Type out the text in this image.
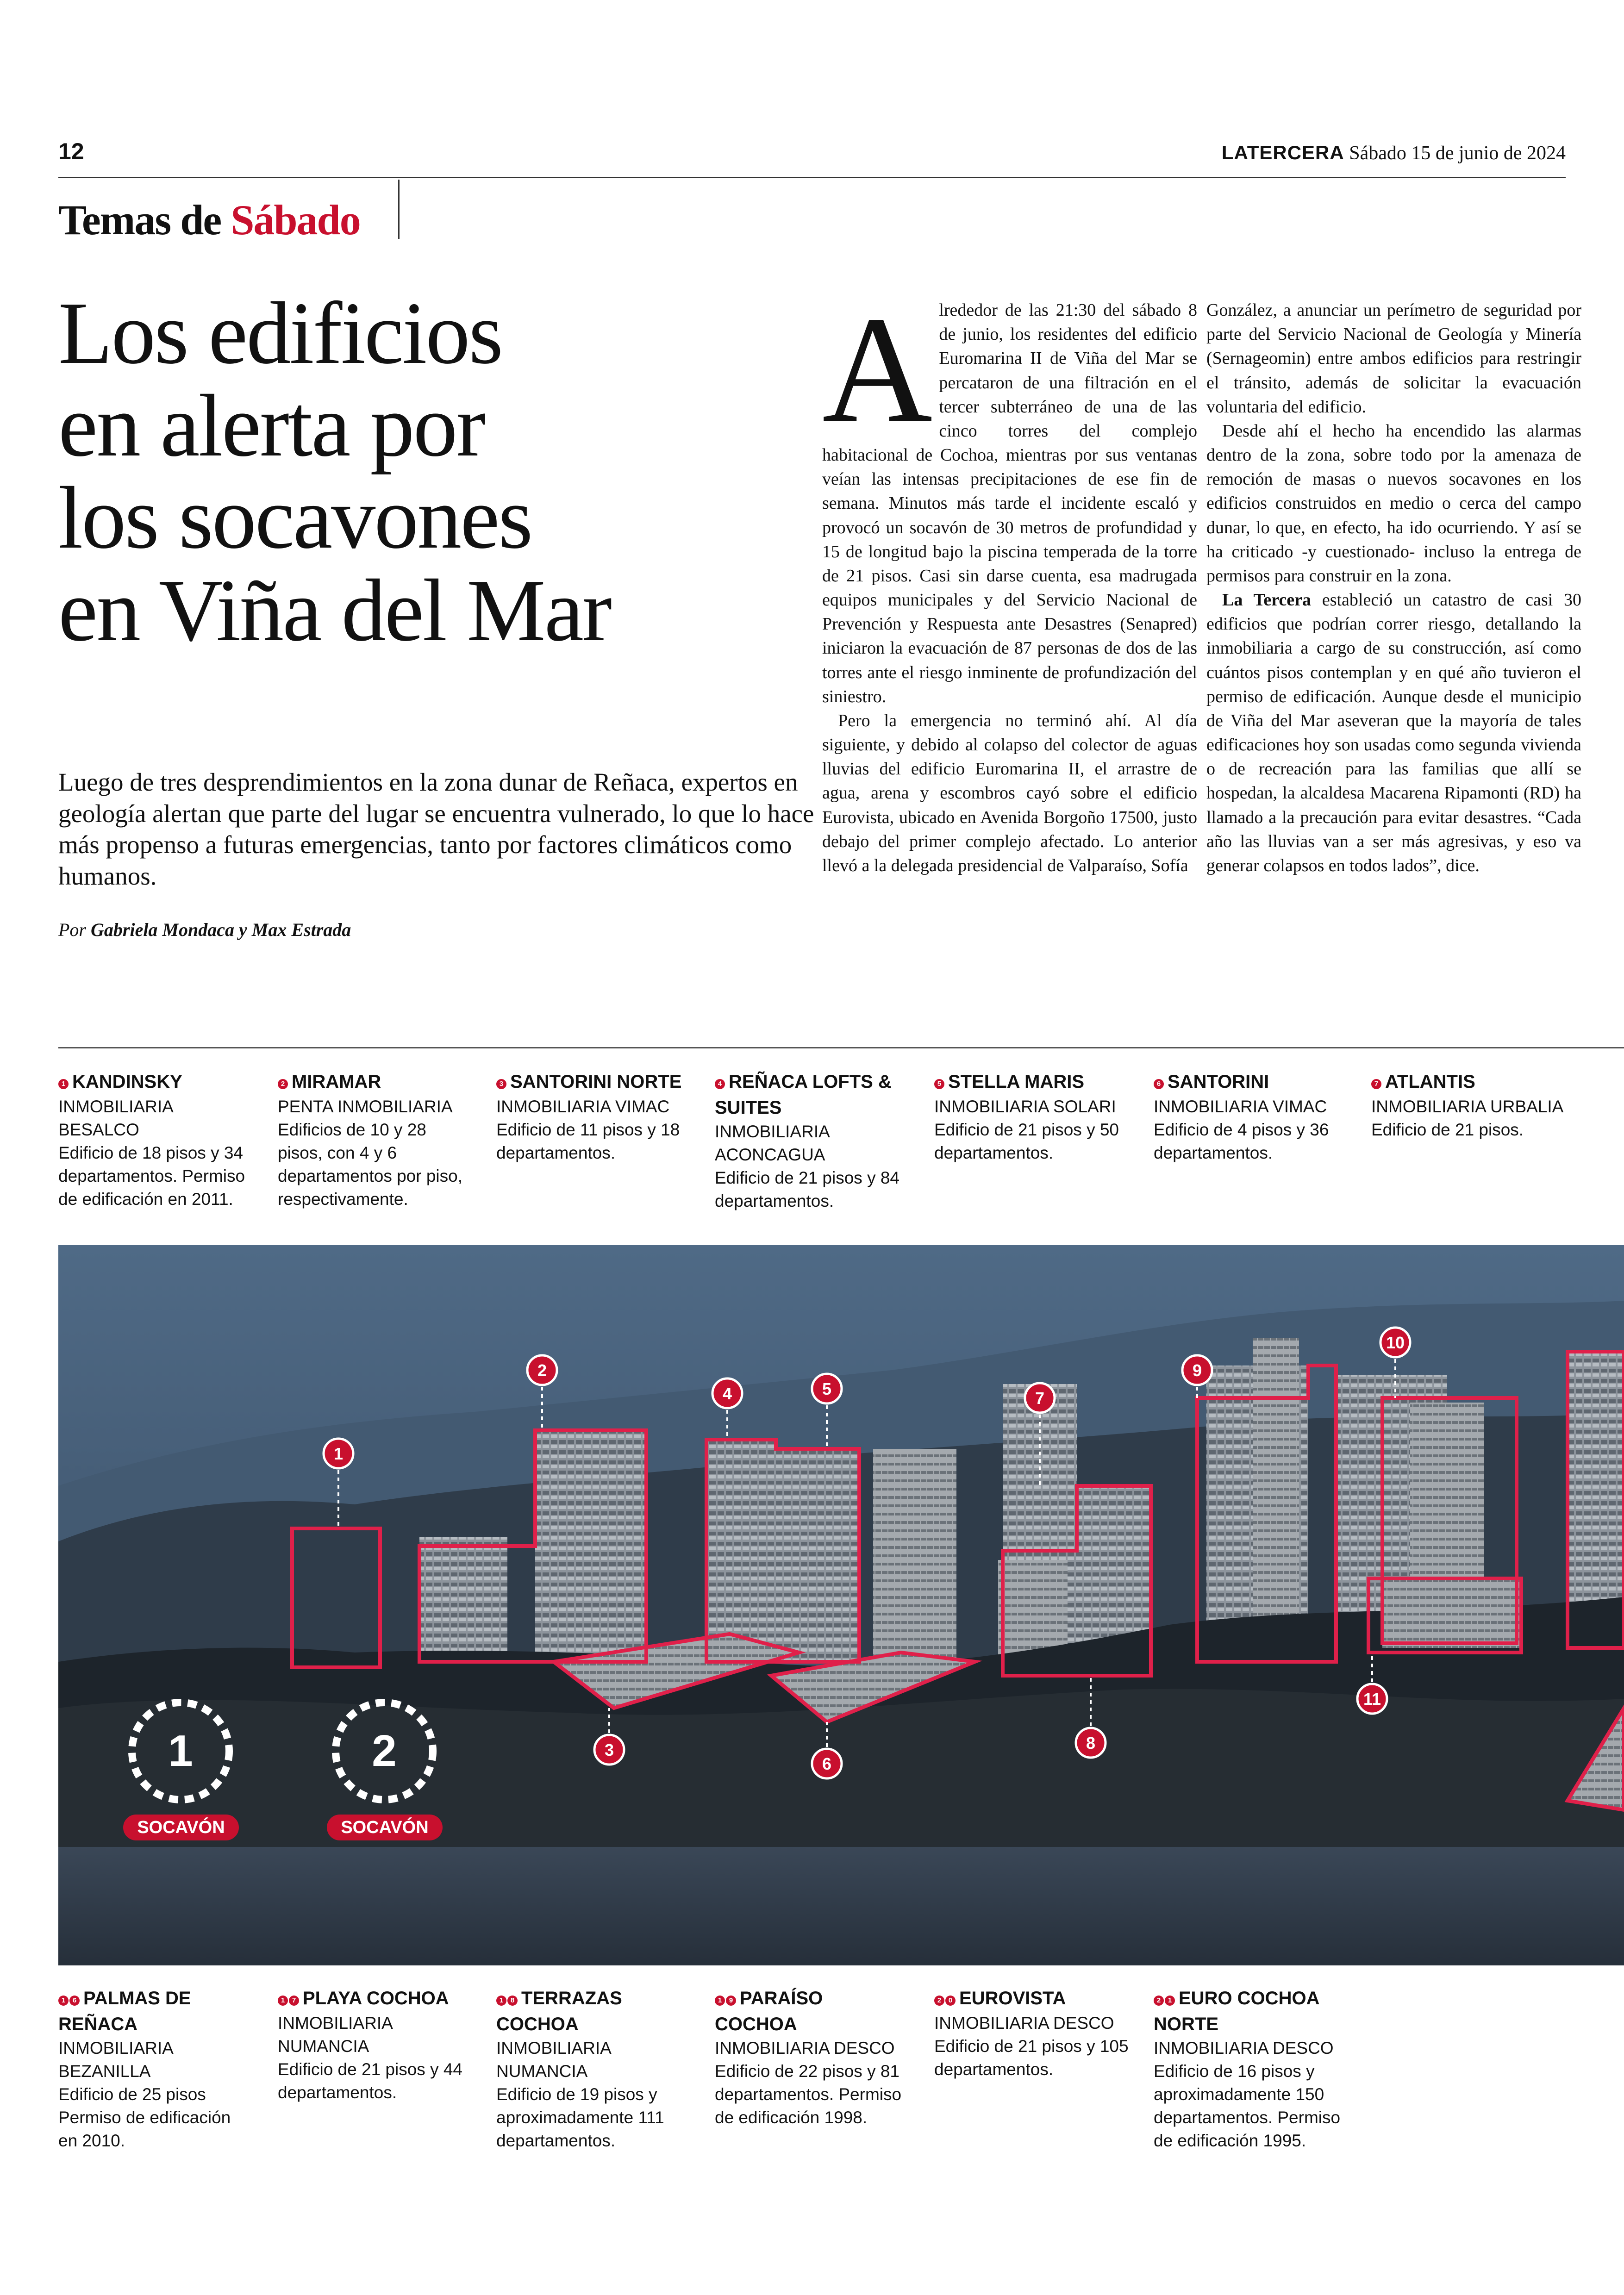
12	LATERCERA Sábado 15 de junio de 2024
Temas de Sábado
Los edificios
en alerta por
los socavones
en Viña del Mar
Luego de tres desprendimientos en la zona dunar de Reñaca, expertos en geología alertan que parte del lugar se encuentra vulnerado, lo que lo hace más propenso a futuras emergencias, tanto por factores climáticos como humanos.
Por Gabriela Mondaca y Max Estrada
A lrededor de las 21:30 del sábado 8 de junio, los residentes del edificio Euromarina II de Viña del Mar se percataron de una filtración en el tercer subterráneo de una de las cinco torres del complejo habitacional de Cochoa, mientras por sus ventanas veían las intensas precipitaciones de ese fin de semana. Minutos más tarde el incidente escaló y provocó un socavón de 30 metros de profundidad y 15 de longitud bajo la piscina temperada de la torre de 21 pisos. Casi sin darse cuenta, esa madrugada equipos municipales y del Servicio Nacional de Prevención y Respuesta ante Desastres (Senapred) iniciaron la evacuación de 87 personas de dos de las torres ante el riesgo inminente de profundización del siniestro.

Pero la emergencia no terminó ahí. Al día siguiente, y debido al colapso del colector de aguas lluvias del edificio Euromarina II, el arrastre de agua, arena y escombros cayó sobre el edificio Eurovista, ubicado en Avenida Borgoño 17500, justo debajo del primer complejo afectado. Lo anterior llevó a la delegada presidencial de Valparaíso, Sofía

González, a anunciar un perímetro de seguridad por parte del Servicio Nacional de Geología y Minería (Sernageomin) entre ambos edificios para restringir el tránsito, además de solicitar la evacuación voluntaria del edificio.

Desde ahí el hecho ha encendido las alarmas dentro de la zona, sobre todo por la amenaza de remoción de masas o nuevos socavones en los edificios construidos en medio o cerca del campo dunar, lo que, en efecto, ha ido ocurriendo. Y así se ha criticado -y cuestionado- incluso la entrega de permisos para construir en la zona.

La Tercera estableció un catastro de casi 30 edificios que podrían correr riesgo, detallando la inmobiliaria a cargo de su construcción, así como cuántos pisos contemplan y en qué año tuvieron el permiso de edificación. Aunque desde el municipio de Viña del Mar aseveran que la mayoría de tales edificaciones hoy son usadas como segunda vivienda o de recreación para las familias que allí se hospedan, la alcaldesa Macarena Ripamonti (RD) ha llamado a la precaución para evitar desastres. “Cada año las lluvias van a ser más agresivas, y eso va generar colapsos en todos lados”, dice.

1 KANDINSKY
INMOBILIARIA BESALCO
Edificio de 18 pisos y 34 departamentos. Permiso de edificación en 2011.
2 MIRAMAR
PENTA INMOBILIARIA
Edificios de 10 y 28 pisos, con 4 y 6 departamentos por piso, respectivamente.
3 SANTORINI NORTE
INMOBILIARIA VIMAC
Edificio de 11 pisos y 18 departamentos.
4 REÑACA LOFTS & SUITES
INMOBILIARIA ACONCAGUA
Edificio de 21 pisos y 84 departamentos.
5 STELLA MARIS
INMOBILIARIA SOLARI
Edificio de 21 pisos y 50 departamentos.
6 SANTORINI
INMOBILIARIA VIMAC
Edificio de 4 pisos y 36 departamentos.
7 ATLANTIS
INMOBILIARIA URBALIA
Edificio de 21 pisos.
1 6 PALMAS DE REÑACA
INMOBILIARIA BEZANILLA
Edificio de 25 pisos Permiso de edificación en 2010.
1 7 PLAYA COCHOA
INMOBILIARIA NUMANCIA
Edificio de 21 pisos y 44 departamentos.
1 8 TERRAZAS COCHOA
INMOBILIARIA NUMANCIA
Edificio de 19 pisos y aproximadamente 111 departamentos.
1 9 PARAÍSO COCHOA
INMOBILIARIA DESCO
Edificio de 22 pisos y 81 departamentos. Permiso de edificación 1998.
2 0 EUROVISTA
INMOBILIARIA DESCO
Edificio de 21 pisos y 105 departamentos.
2 1 EURO COCHOA NORTE
INMOBILIARIA DESCO
Edificio de 16 pisos y aproximadamente 150 departamentos. Permiso de edificación 1995.
1
2
3
4	5
6
7
8
9
10
11
1
SOCAVÓN
2
SOCAVÓN
